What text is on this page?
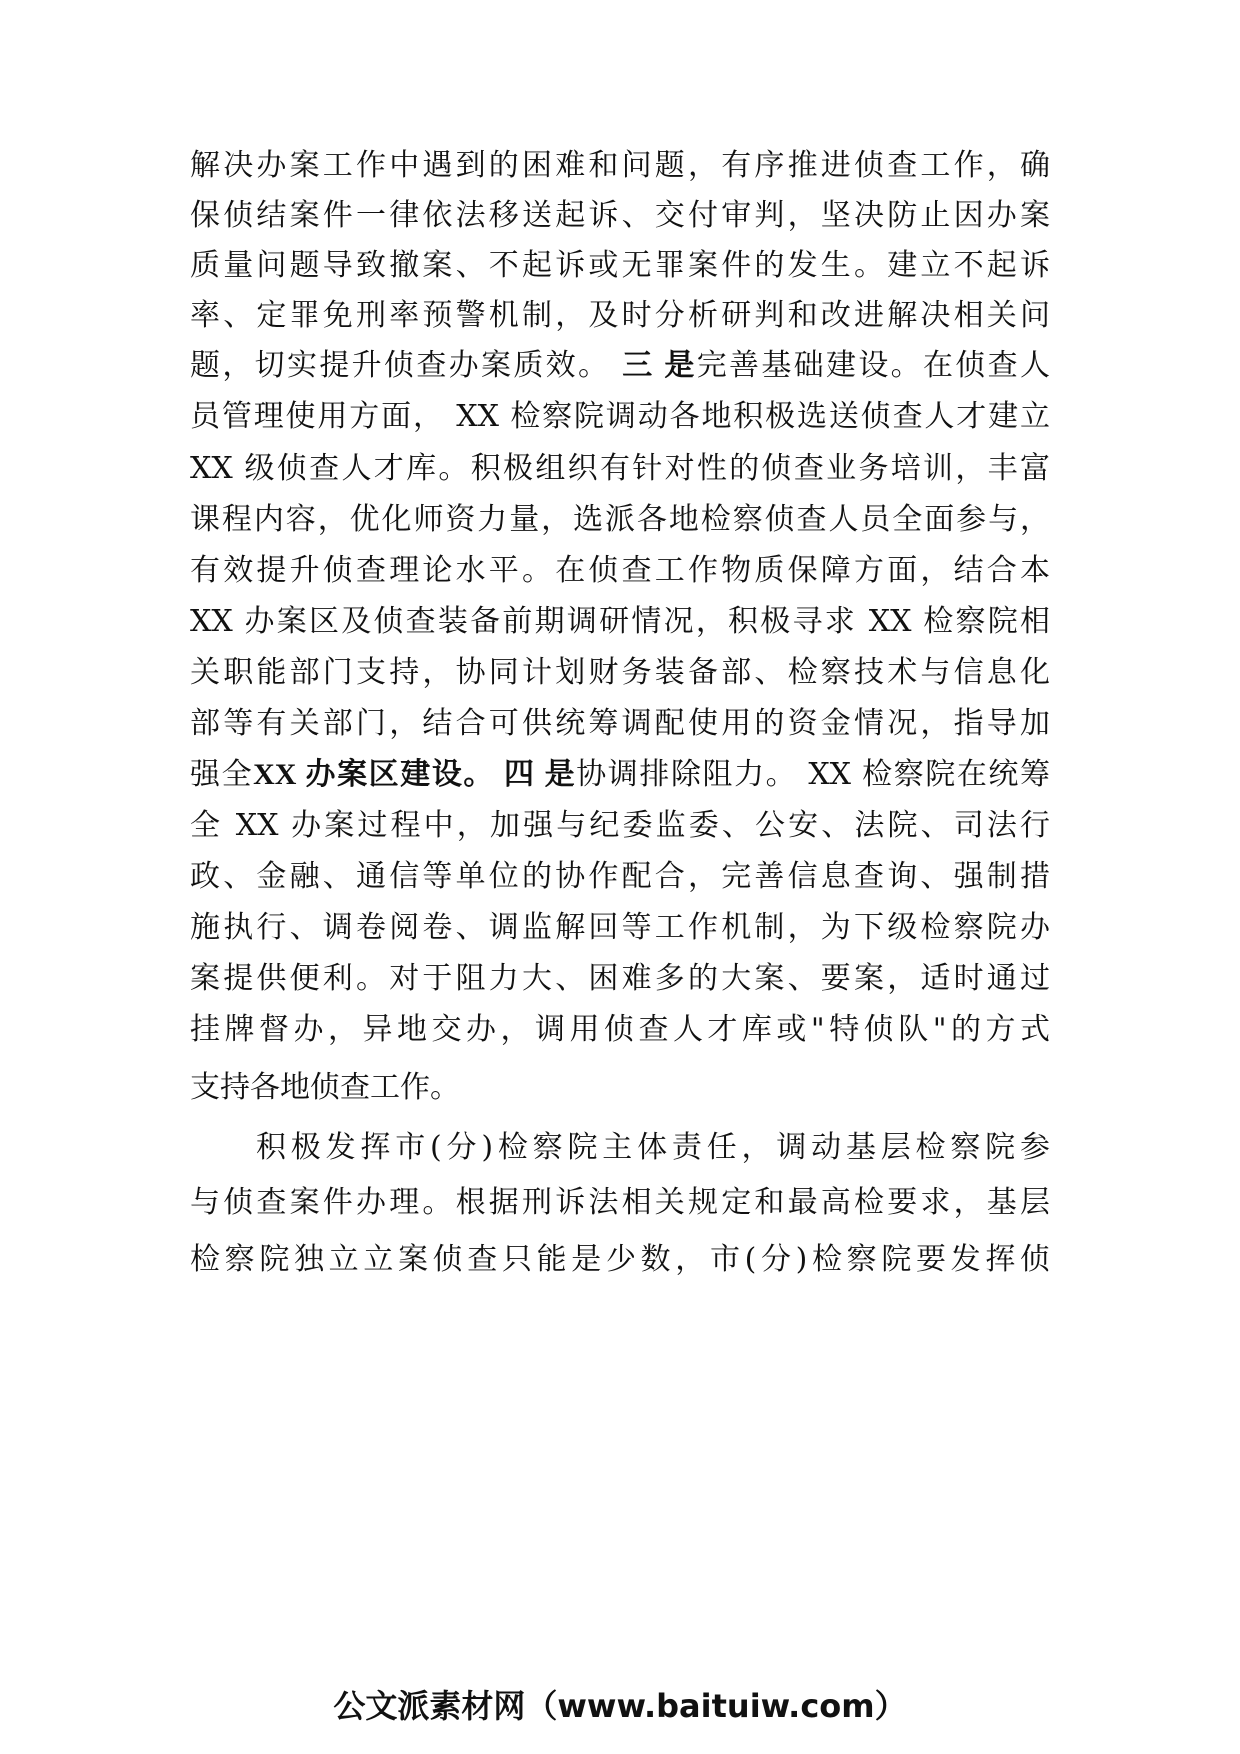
解决办案工作中遇到的困难和问题，有序推进侦查工作，确
保侦结案件一律依法移送起诉、交付审判，坚决防止因办案
质量问题导致撤案、不起诉或无罪案件的发生。建立不起诉
率、定罪免刑率预警机制，及时分析研判和改进解决相关问
题，切实提升侦查办案质效。 三 是完善基础建设。在侦查人
员管理使用方面， XX 检察院调动各地积极选送侦查人才建立
XX 级侦查人才库。积极组织有针对性的侦查业务培训，丰富
课程内容，优化师资力量，选派各地检察侦查人员全面参与，
有效提升侦查理论水平。在侦查工作物质保障方面，结合本
XX 办案区及侦查装备前期调研情况，积极寻求 XX 检察院相
关职能部门支持，协同计划财务装备部、检察技术与信息化
部等有关部门，结合可供统筹调配使用的资金情况，指导加
强全XX 办案区建设。 四 是协调排除阻力。 XX 检察院在统筹
全 XX 办案过程中，加强与纪委监委、公安、法院、司法行
政、金融、通信等单位的协作配合，完善信息查询、强制措
施执行、调卷阅卷、调监解回等工作机制，为下级检察院办
案提供便利。对于阻力大、困难多的大案、要案，适时通过
挂牌督办，异地交办，调用侦查人才库或"特侦队"的方式
支持各地侦查工作。
积极发挥市(分)检察院主体责任，调动基层检察院参
与侦查案件办理。根据刑诉法相关规定和最高检要求，基层
检察院独立立案侦查只能是少数，市(分)检察院要发挥侦
公文派素材网（www.baituiw.com）
